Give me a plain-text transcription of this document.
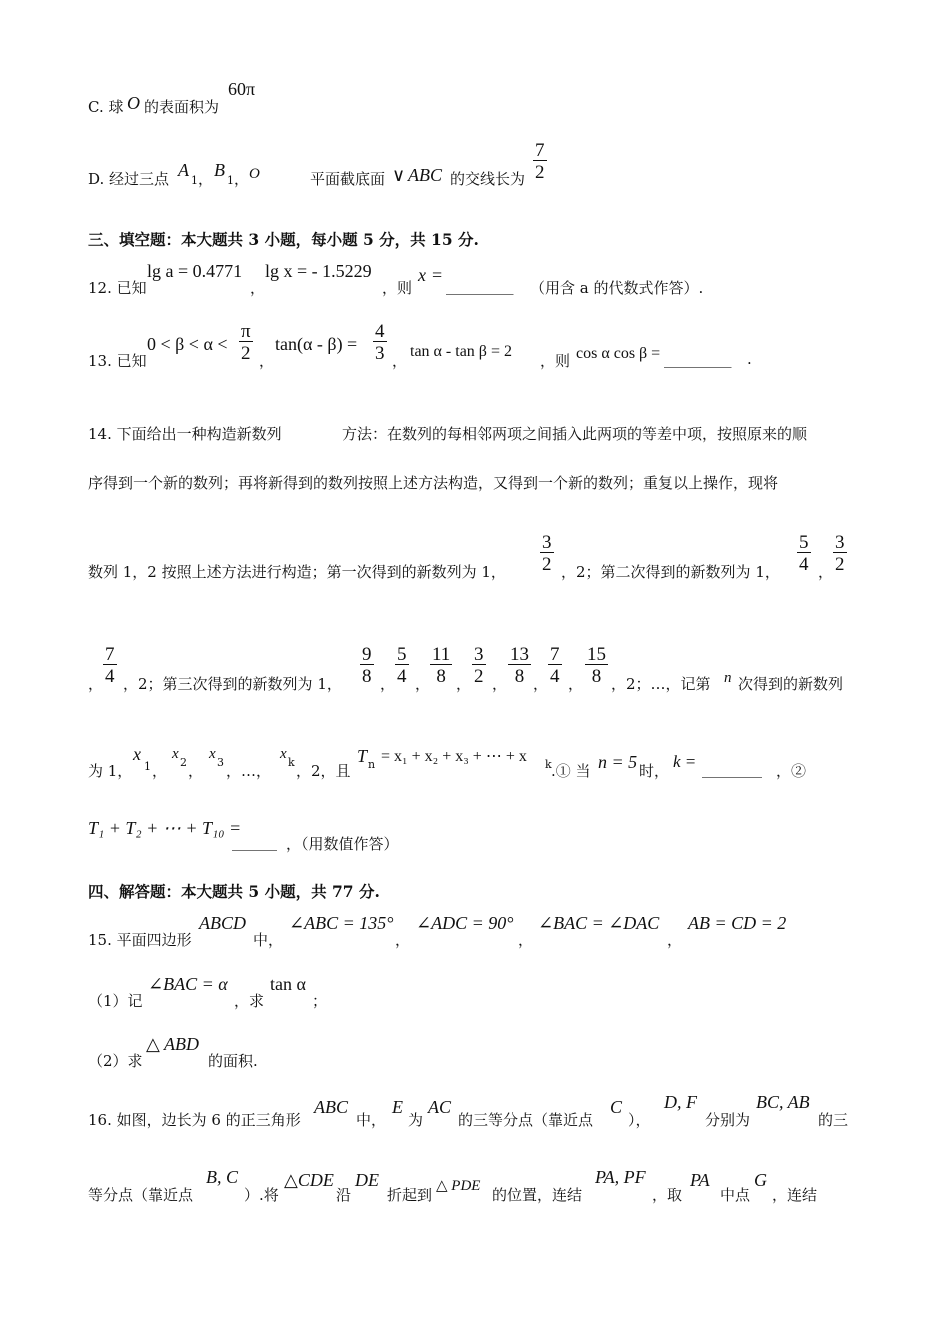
C. 球 O 的表面积为
60π
D. 经过三点 A
1 ， B
1 ， O	平面截底面 ∨ ABC 的交线长为 $\frac{7}{2}$
三、填空题：本大题共 3 小题，每小题 5 分，共 15 分.
12. 已知
lg a = 0.4771
，
lg x = - 1.5229
，则
x =
_________ （用含 a 的代数式作答）.
13. 已知
$0 < \beta < \alpha < \frac{\pi}{2}$ ，
$\tan(\alpha - \beta) = \frac{4}{3}$ ，
tan α - tan β = 2
，则 cos α cos β = _________ .
14. 下面给出一种构造新数列	方法：在数列的每相邻两项之间插入此两项的等差中项，按照原来的顺
序得到一个新的数列；再将新得到的数列按照上述方法构造，又得到一个新的数列；重复以上操作，现将
数列 1，2 按照上述方法进行构造；第一次得到的新数列为 1， $\frac{3}{2}$ ，2；第二次得到的新数列为 1， $\frac{5}{4}$ ， $\frac{3}{2}$
， $\frac{7}{4}$ ，2；第三次得到的新数列为 1， $\frac{9}{8}$ ， $\frac{5}{4}$ ， $\frac{11}{8}$ ， $\frac{3}{2}$ ， $\frac{13}{8}$ ， $\frac{7}{4}$ ， $\frac{15}{8}$ ，2；…，记第 n 次得到的新数列
为 1，
x
1 ，
x
2 ，
x
3 ，…，
x
k ，2，且
T n = x₁ + x₂ + x₃ + ⋯ + x k .① 当 n = 5 时， k = ________ ，②
T₁ + T₂ + ⋯ + T₁₀ =
______ ，（用数值作答）
四、解答题：本大题共 5 小题，共 77 分.
15. 平面四边形
ABCD
中，
∠ABC = 135°
，
∠ADC = 90°
，
∠BAC = ∠DAC
，
AB = CD = 2
（1）记
∠BAC = α
，求
tan α
；
（2）求
△ ABD
的面积.
16. 如图，边长为 6 的正三角形
ABC
中，
E
为
AC
的三等分点（靠近点
C
），
D, F
分别为
BC, AB
的三
等分点（靠近点
B, C
）.将
△CDE
沿
DE
折起到 △ PDE 的位置，连结
PA, PF
，取
PA
中点
G
，连结
